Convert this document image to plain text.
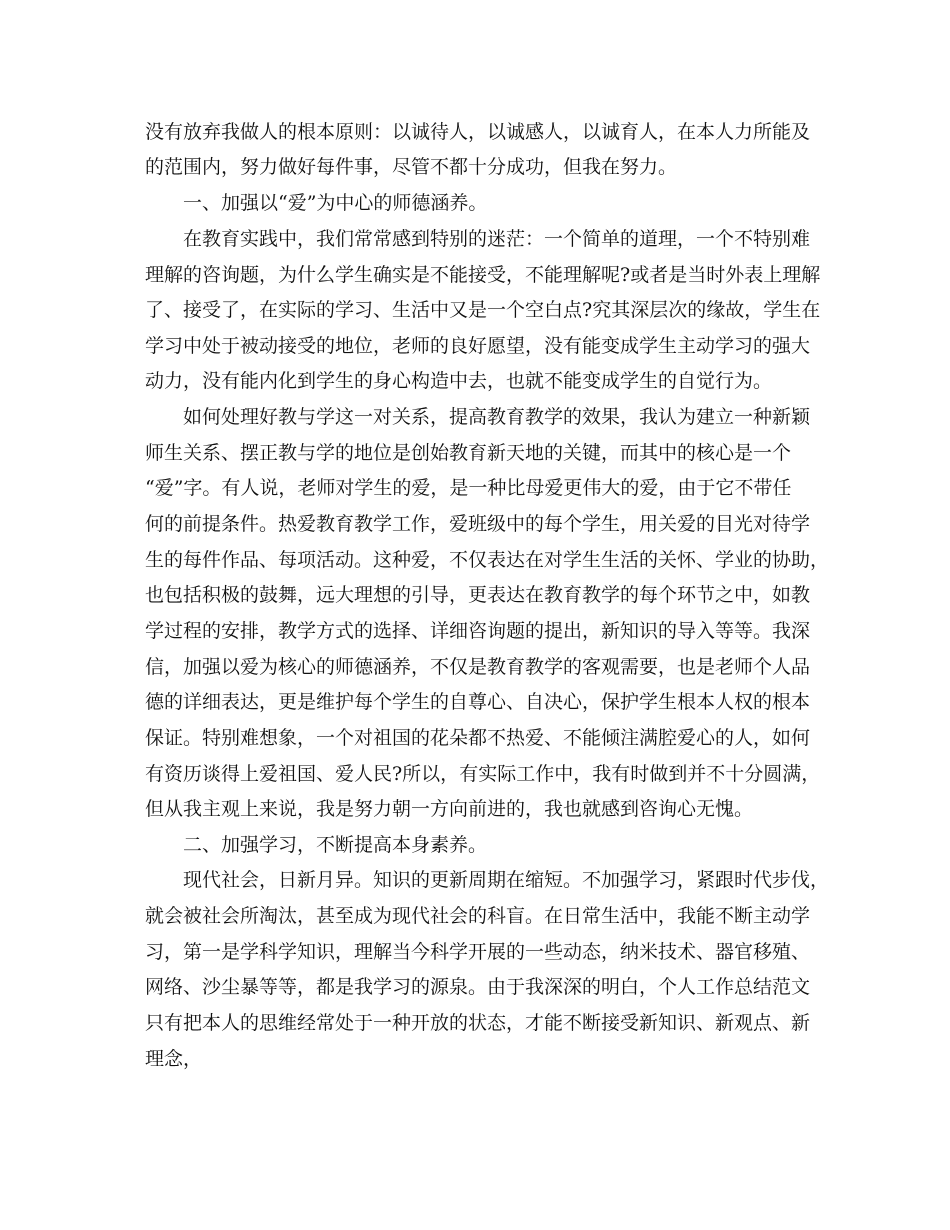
没有放弃我做人的根本原则：以诚待人，以诚感人，以诚育人，在本人力所能及
的范围内，努力做好每件事，尽管不都十分成功，但我在努力。
一、加强以“爱”为中心的师德涵养。
在教育实践中，我们常常感到特别的迷茫：一个简单的道理，一个不特别难
理解的咨询题，为什么学生确实是不能接受，不能理解呢?或者是当时外表上理解
了、接受了，在实际的学习、生活中又是一个空白点?究其深层次的缘故，学生在
学习中处于被动接受的地位，老师的良好愿望，没有能变成学生主动学习的强大
动力，没有能内化到学生的身心构造中去，也就不能变成学生的自觉行为。
如何处理好教与学这一对关系，提高教育教学的效果，我认为建立一种新颖
师生关系、摆正教与学的地位是创始教育新天地的关键，而其中的核心是一个
“爱”字。有人说，老师对学生的爱，是一种比母爱更伟大的爱，由于它不带任
何的前提条件。热爱教育教学工作，爱班级中的每个学生，用关爱的目光对待学
生的每件作品、每项活动。这种爱，不仅表达在对学生生活的关怀、学业的协助，
也包括积极的鼓舞，远大理想的引导，更表达在教育教学的每个环节之中，如教
学过程的安排，教学方式的选择、详细咨询题的提出，新知识的导入等等。我深
信，加强以爱为核心的师德涵养，不仅是教育教学的客观需要，也是老师个人品
德的详细表达，更是维护每个学生的自尊心、自决心，保护学生根本人权的根本
保证。特别难想象，一个对祖国的花朵都不热爱、不能倾注满腔爱心的人，如何
有资历谈得上爱祖国、爱人民?所以，有实际工作中，我有时做到并不十分圆满，
但从我主观上来说，我是努力朝一方向前进的，我也就感到咨询心无愧。
二、加强学习，不断提高本身素养。
现代社会，日新月异。知识的更新周期在缩短。不加强学习，紧跟时代步伐，
就会被社会所淘汰，甚至成为现代社会的科盲。在日常生活中，我能不断主动学
习，第一是学科学知识，理解当今科学开展的一些动态，纳米技术、器官移殖、
网络、沙尘暴等等，都是我学习的源泉。由于我深深的明白，个人工作总结范文
只有把本人的思维经常处于一种开放的状态，才能不断接受新知识、新观点、新
理念，
